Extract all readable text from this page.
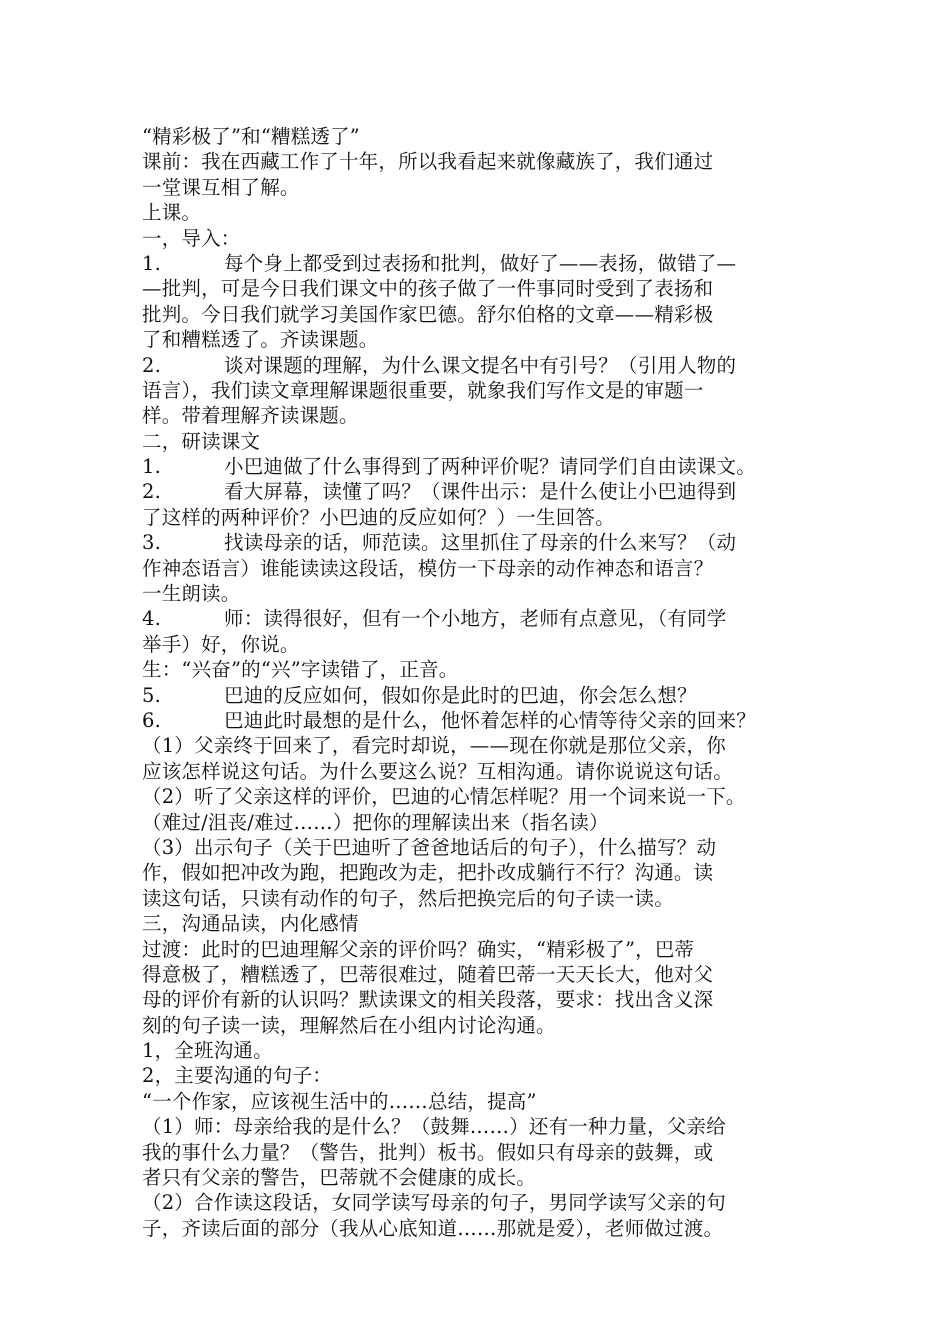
“精彩极了”和“糟糕透了”
课前：我在西藏工作了十年，所以我看起来就像藏族了，我们通过
一堂课互相了解。
上课。
一，导入：
1.	每个身上都受到过表扬和批判，做好了——表扬，做错了—
—批判，可是今日我们课文中的孩子做了一件事同时受到了表扬和
批判。今日我们就学习美国作家巴德。舒尔伯格的文章——精彩极
了和糟糕透了。齐读课题。
2.	谈对课题的理解，为什么课文提名中有引号？（引用人物的
语言），我们读文章理解课题很重要，就象我们写作文是的审题一
样。带着理解齐读课题。
二，研读课文
1.	小巴迪做了什么事得到了两种评价呢？请同学们自由读课文。
2.	看大屏幕，读懂了吗？（课件出示：是什么使让小巴迪得到
了这样的两种评价？小巴迪的反应如何？）一生回答。
3.	找读母亲的话，师范读。这里抓住了母亲的什么来写？（动
作神态语言）谁能读读这段话，模仿一下母亲的动作神态和语言？
一生朗读。
4.	师：读得很好，但有一个小地方，老师有点意见，（有同学
举手）好，你说。
生：“兴奋”的“兴”字读错了，正音。
5.	巴迪的反应如何，假如你是此时的巴迪，你会怎么想？
6.	巴迪此时最想的是什么，他怀着怎样的心情等待父亲的回来？
（1）父亲终于回来了，看完时却说，——现在你就是那位父亲，你
应该怎样说这句话。为什么要这么说？互相沟通。请你说说这句话。
（2）听了父亲这样的评价，巴迪的心情怎样呢？用一个词来说一下。
（难过/沮丧/难过……）把你的理解读出来（指名读）
（3）出示句子（关于巴迪听了爸爸地话后的句子），什么描写？动
作，假如把冲改为跑，把跑改为走，把扑改成躺行不行？沟通。读
读这句话，只读有动作的句子，然后把换完后的句子读一读。
三，沟通品读，内化感情
过渡：此时的巴迪理解父亲的评价吗？确实，“精彩极了”，巴蒂
得意极了，糟糕透了，巴蒂很难过，随着巴蒂一天天长大，他对父
母的评价有新的认识吗？默读课文的相关段落，要求：找出含义深
刻的句子读一读，理解然后在小组内讨论沟通。
1，全班沟通。
2，主要沟通的句子：
“一个作家，应该视生活中的……总结，提高”
（1）师：母亲给我的是什么？（鼓舞……）还有一种力量，父亲给
我的事什么力量？（警告，批判）板书。假如只有母亲的鼓舞，或
者只有父亲的警告，巴蒂就不会健康的成长。
（2）合作读这段话，女同学读写母亲的句子，男同学读写父亲的句
子，齐读后面的部分（我从心底知道……那就是爱），老师做过渡。
